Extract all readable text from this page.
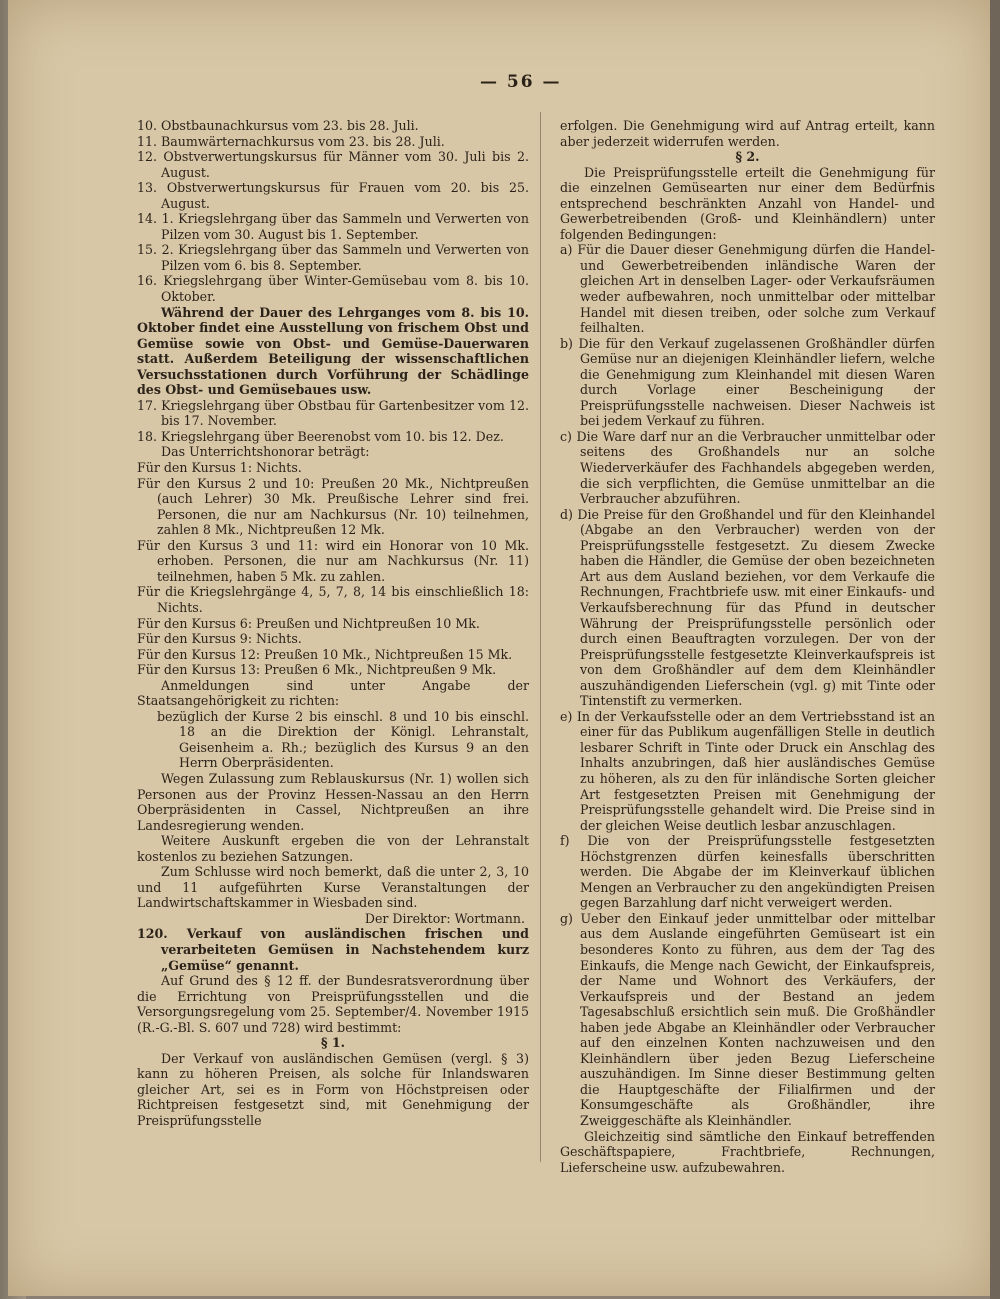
— 56 —

10. Obstbaunachkursus vom 23. bis 28. Juli.

11. Baumwärternachkursus vom 23. bis 28. Juli.

12. Obstverwertungskursus für Männer vom 30. Juli bis 2. August.

13. Obstverwertungskursus für Frauen vom 20. bis 25. August.

14. 1. Kriegslehrgang über das Sammeln und Verwerten von Pilzen vom 30. August bis 1. September.

15. 2. Kriegslehrgang über das Sammeln und Verwerten von Pilzen vom 6. bis 8. September.

16. Kriegslehrgang über Winter-Gemüsebau vom 8. bis 10. Oktober.

Während der Dauer des Lehrganges vom 8. bis 10. Oktober findet eine Ausstellung von frischem Obst und Gemüse sowie von Obst- und Gemüse-Dauerwaren statt. Außerdem Beteiligung der wissenschaftlichen Versuchsstationen durch Vorführung der Schädlinge des Obst- und Gemüsebaues usw.

17. Kriegslehrgang über Obstbau für Gartenbesitzer vom 12. bis 17. November.

18. Kriegslehrgang über Beerenobst vom 10. bis 12. Dez.

Das Unterrichtshonorar beträgt:

Für den Kursus 1: Nichts.

Für den Kursus 2 und 10: Preußen 20 Mk., Nichtpreußen (auch Lehrer) 30 Mk. Preußische Lehrer sind frei. Personen, die nur am Nachkursus (Nr. 10) teilnehmen, zahlen 8 Mk., Nichtpreußen 12 Mk.

Für den Kursus 3 und 11: wird ein Honorar von 10 Mk. erhoben. Personen, die nur am Nachkursus (Nr. 11) teilnehmen, haben 5 Mk. zu zahlen.

Für die Kriegslehrgänge 4, 5, 7, 8, 14 bis einschließlich 18: Nichts.

Für den Kursus 6: Preußen und Nichtpreußen 10 Mk.

Für den Kursus 9: Nichts.

Für den Kursus 12: Preußen 10 Mk., Nichtpreußen 15 Mk.

Für den Kursus 13: Preußen 6 Mk., Nichtpreußen 9 Mk.

Anmeldungen sind unter Angabe der Staatsangehörigkeit zu richten:

bezüglich der Kurse 2 bis einschl. 8 und 10 bis einschl. 18 an die Direktion der Königl. Lehranstalt, Geisenheim a. Rh.; bezüglich des Kursus 9 an den Herrn Oberpräsidenten.

Wegen Zulassung zum Reblauskursus (Nr. 1) wollen sich Personen aus der Provinz Hessen-Nassau an den Herrn Oberpräsidenten in Cassel, Nichtpreußen an ihre Landesregierung wenden.

Weitere Auskunft ergeben die von der Lehranstalt kostenlos zu beziehen Satzungen.

Zum Schlusse wird noch bemerkt, daß die unter 2, 3, 10 und 11 aufgeführten Kurse Veranstaltungen der Landwirtschaftskammer in Wiesbaden sind.

Der Direktor: Wortmann.

120. Verkauf von ausländischen frischen und verarbeiteten Gemüsen in Nachstehendem kurz „Gemüse“ genannt.

Auf Grund des § 12 ff. der Bundesratsverordnung über die Errichtung von Preisprüfungsstellen und die Versorgungsregelung vom 25. September/4. November 1915 (R.-G.-Bl. S. 607 und 728) wird bestimmt:

§ 1.

Der Verkauf von ausländischen Gemüsen (vergl. § 3) kann zu höheren Preisen, als solche für Inlandswaren gleicher Art, sei es in Form von Höchstpreisen oder Richtpreisen festgesetzt sind, mit Genehmigung der Preisprüfungsstelle

erfolgen. Die Genehmigung wird auf Antrag erteilt, kann aber jederzeit widerrufen werden.

§ 2.

Die Preisprüfungsstelle erteilt die Genehmigung für die einzelnen Gemüsearten nur einer dem Bedürfnis entsprechend beschränkten Anzahl von Handel- und Gewerbetreibenden (Groß- und Kleinhändlern) unter folgenden Bedingungen:

a) Für die Dauer dieser Genehmigung dürfen die Handel- und Gewerbetreibenden inländische Waren der gleichen Art in denselben Lager- oder Verkaufsräumen weder aufbewahren, noch unmittelbar oder mittelbar Handel mit diesen treiben, oder solche zum Verkauf feilhalten.

b) Die für den Verkauf zugelassenen Großhändler dürfen Gemüse nur an diejenigen Kleinhändler liefern, welche die Genehmigung zum Kleinhandel mit diesen Waren durch Vorlage einer Bescheinigung der Preisprüfungsstelle nachweisen. Dieser Nachweis ist bei jedem Verkauf zu führen.

c) Die Ware darf nur an die Verbraucher unmittelbar oder seitens des Großhandels nur an solche Wiederverkäufer des Fachhandels abgegeben werden, die sich verpflichten, die Gemüse unmittelbar an die Verbraucher abzuführen.

d) Die Preise für den Großhandel und für den Kleinhandel (Abgabe an den Verbraucher) werden von der Preisprüfungsstelle festgesetzt. Zu diesem Zwecke haben die Händler, die Gemüse der oben bezeichneten Art aus dem Ausland beziehen, vor dem Verkaufe die Rechnungen, Frachtbriefe usw. mit einer Einkaufs- und Verkaufsberechnung für das Pfund in deutscher Währung der Preisprüfungsstelle persönlich oder durch einen Beauftragten vorzulegen. Der von der Preisprüfungsstelle festgesetzte Kleinverkaufspreis ist von dem Großhändler auf dem dem Kleinhändler auszuhändigenden Lieferschein (vgl. g) mit Tinte oder Tintenstift zu vermerken.

e) In der Verkaufsstelle oder an dem Vertriebsstand ist an einer für das Publikum augenfälligen Stelle in deutlich lesbarer Schrift in Tinte oder Druck ein Anschlag des Inhalts anzubringen, daß hier ausländisches Gemüse zu höheren, als zu den für inländische Sorten gleicher Art festgesetzten Preisen mit Genehmigung der Preisprüfungsstelle gehandelt wird. Die Preise sind in der gleichen Weise deutlich lesbar anzuschlagen.

f) Die von der Preisprüfungsstelle festgesetzten Höchstgrenzen dürfen keinesfalls überschritten werden. Die Abgabe der im Kleinverkauf üblichen Mengen an Verbraucher zu den angekündigten Preisen gegen Barzahlung darf nicht verweigert werden.

g) Ueber den Einkauf jeder unmittelbar oder mittelbar aus dem Auslande eingeführten Gemüseart ist ein besonderes Konto zu führen, aus dem der Tag des Einkaufs, die Menge nach Gewicht, der Einkaufspreis, der Name und Wohnort des Verkäufers, der Verkaufspreis und der Bestand an jedem Tagesabschluß ersichtlich sein muß. Die Großhändler haben jede Abgabe an Kleinhändler oder Verbraucher auf den einzelnen Konten nachzuweisen und den Kleinhändlern über jeden Bezug Lieferscheine auszuhändigen. Im Sinne dieser Bestimmung gelten die Hauptgeschäfte der Filialfirmen und der Konsumgeschäfte als Großhändler, ihre Zweiggeschäfte als Kleinhändler.

Gleichzeitig sind sämtliche den Einkauf betreffenden Geschäftspapiere, Frachtbriefe, Rechnungen, Lieferscheine usw. aufzubewahren.
